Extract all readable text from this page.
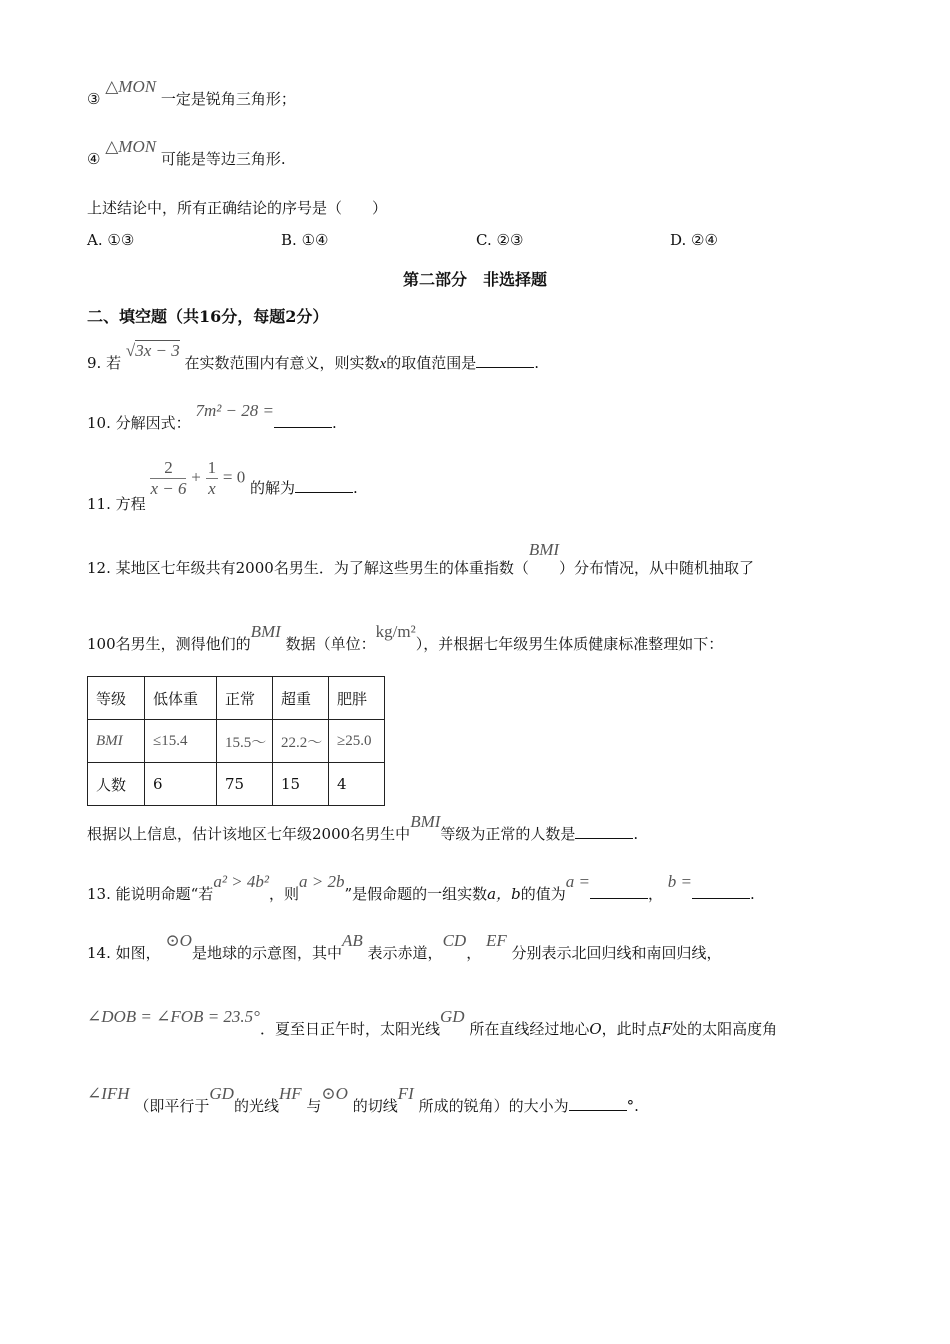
③ △MON 一定是锐角三角形；
④ △MON 可能是等边三角形.
上述结论中，所有正确结论的序号是（　　）
A. ①③	B. ①④	C. ②③	D. ②④
第二部分　非选择题
二、填空题（共16分，每题2分）
9. 若 √3x − 3 在实数范围内有意义，则实数x的取值范围是	.
10. 分解因式： 7m² − 28 =.
11. 方程
$\frac{2}{x - 6} + \frac{1}{x} = 0$ 的解为	.
12. 某地区七年级共有2000名男生．为了解这些男生的体重指数（BMI）分布情况，从中随机抽取了
100名男生，测得他们的BMI 数据（单位：kg/m²），并根据七年级男生体质健康标准整理如下：
等级	低体重	正常	超重	肥胖
BMI	≤15.4	15.5～	22.2～	≥25.0
人数	6	75	15	4
根据以上信息，估计该地区七年级2000名男生中BMI等级为正常的人数是	.
13. 能说明命题“若a² > 4b²，则a > 2b”是假命题的一组实数a，b的值为a =， b =.
14. 如图， ⊙O是地球的示意图，其中AB 表示赤道，CD， EF 分别表示北回归线和南回归线，
∠DOB = ∠FOB = 23.5°．夏至日正午时，太阳光线GD 所在直线经过地心O，此时点F处的太阳高度角
∠IFH （即平行于GD的光线HF 与⊙O 的切线FI 所成的锐角）的大小为	°.
